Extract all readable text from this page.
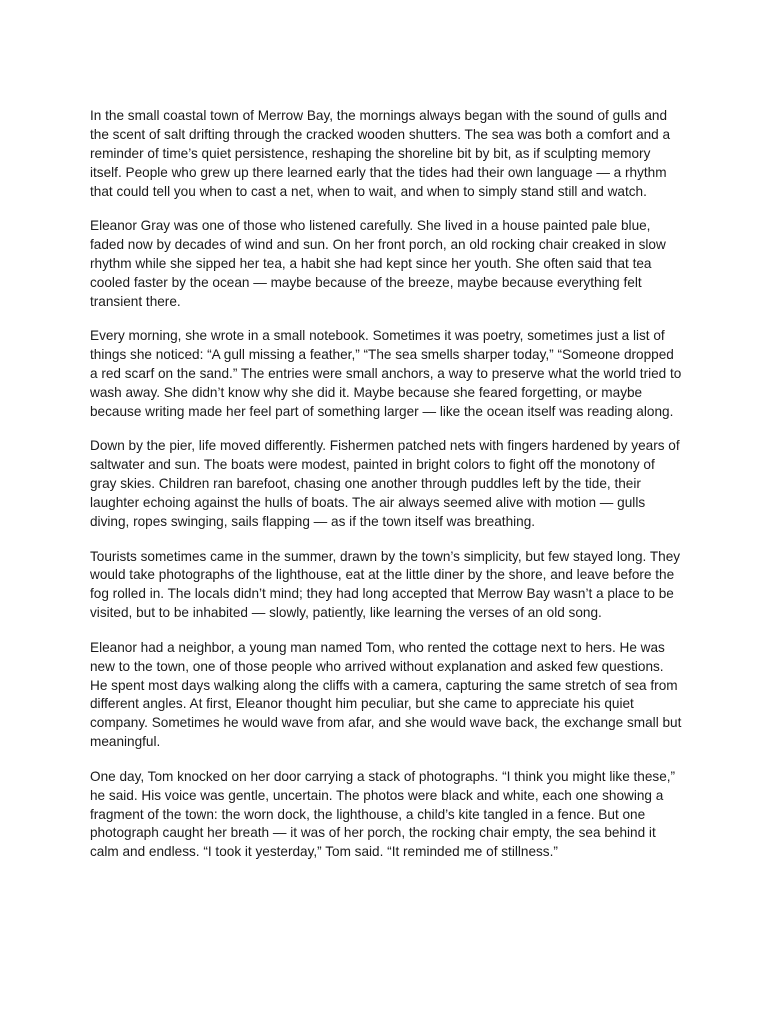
In the small coastal town of Merrow Bay, the mornings always began with the sound of gulls and the scent of salt drifting through the cracked wooden shutters. The sea was both a comfort and a reminder of time’s quiet persistence, reshaping the shoreline bit by bit, as if sculpting memory itself. People who grew up there learned early that the tides had their own language — a rhythm that could tell you when to cast a net, when to wait, and when to simply stand still and watch.

Eleanor Gray was one of those who listened carefully. She lived in a house painted pale blue, faded now by decades of wind and sun. On her front porch, an old rocking chair creaked in slow rhythm while she sipped her tea, a habit she had kept since her youth. She often said that tea cooled faster by the ocean — maybe because of the breeze, maybe because everything felt transient there.

Every morning, she wrote in a small notebook. Sometimes it was poetry, sometimes just a list of things she noticed: “A gull missing a feather,” “The sea smells sharper today,” “Someone dropped a red scarf on the sand.” The entries were small anchors, a way to preserve what the world tried to wash away. She didn’t know why she did it. Maybe because she feared forgetting, or maybe because writing made her feel part of something larger — like the ocean itself was reading along.

Down by the pier, life moved differently. Fishermen patched nets with fingers hardened by years of saltwater and sun. The boats were modest, painted in bright colors to fight off the monotony of gray skies. Children ran barefoot, chasing one another through puddles left by the tide, their laughter echoing against the hulls of boats. The air always seemed alive with motion — gulls diving, ropes swinging, sails flapping — as if the town itself was breathing.

Tourists sometimes came in the summer, drawn by the town’s simplicity, but few stayed long. They would take photographs of the lighthouse, eat at the little diner by the shore, and leave before the fog rolled in. The locals didn’t mind; they had long accepted that Merrow Bay wasn’t a place to be visited, but to be inhabited — slowly, patiently, like learning the verses of an old song.

Eleanor had a neighbor, a young man named Tom, who rented the cottage next to hers. He was new to the town, one of those people who arrived without explanation and asked few questions. He spent most days walking along the cliffs with a camera, capturing the same stretch of sea from different angles. At first, Eleanor thought him peculiar, but she came to appreciate his quiet company. Sometimes he would wave from afar, and she would wave back, the exchange small but meaningful.

One day, Tom knocked on her door carrying a stack of photographs. “I think you might like these,” he said. His voice was gentle, uncertain. The photos were black and white, each one showing a fragment of the town: the worn dock, the lighthouse, a child’s kite tangled in a fence. But one photograph caught her breath — it was of her porch, the rocking chair empty, the sea behind it calm and endless. “I took it yesterday,” Tom said. “It reminded me of stillness.”
